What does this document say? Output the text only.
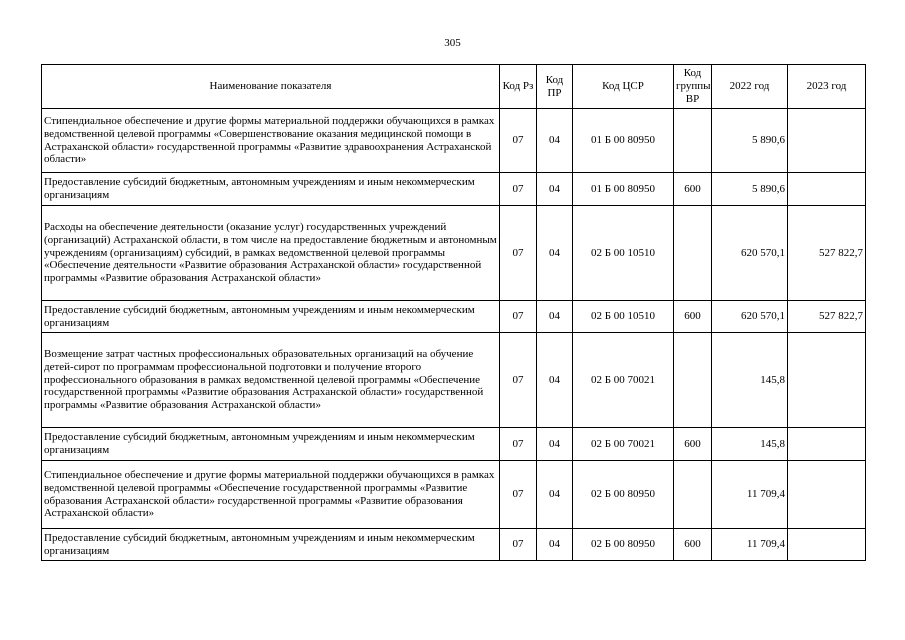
305
Наименование показателя	Код Рз	Код ПР	Код ЦСР	Код группы ВР	2022 год	2023 год
Стипендиальное обеспечение и другие формы материальной поддержки обучающихся в рамках ведомственной целевой программы «Совершенствование оказания медицинской помощи в Астраханской области» государственной программы «Развитие здравоохранения Астраханской области»	07	04	01 Б 00 80950		5 890,6	
Предоставление субсидий бюджетным, автономным учреждениям и иным некоммерческим организациям	07	04	01 Б 00 80950	600	5 890,6	
Расходы на обеспечение деятельности (оказание услуг) государственных учреждений (организаций) Астраханской области, в том числе на предоставление бюджетным и автономным учреждениям (организациям) субсидий, в рамках ведомственной целевой программы «Обеспечение деятельности «Развитие образования Астраханской области» государственной программы «Развитие образования Астраханской области»	07	04	02 Б 00 10510		620 570,1	527 822,7
Предоставление субсидий бюджетным, автономным учреждениям и иным некоммерческим организациям	07	04	02 Б 00 10510	600	620 570,1	527 822,7
Возмещение затрат частных профессиональных образовательных организаций на обучение детей-сирот по программам профессиональной подготовки и получение второго профессионального образования в рамках ведомственной целевой программы «Обеспечение государственной программы «Развитие образования Астраханской области» государственной программы «Развитие образования Астраханской области»	07	04	02 Б 00 70021		145,8	
Предоставление субсидий бюджетным, автономным учреждениям и иным некоммерческим организациям	07	04	02 Б 00 70021	600	145,8	
Стипендиальное обеспечение и другие формы материальной поддержки обучающихся в рамках ведомственной целевой программы «Обеспечение государственной программы «Развитие образования Астраханской области» государственной программы «Развитие образования Астраханской области»	07	04	02 Б 00 80950		11 709,4	
Предоставление субсидий бюджетным, автономным учреждениям и иным некоммерческим организациям	07	04	02 Б 00 80950	600	11 709,4	
